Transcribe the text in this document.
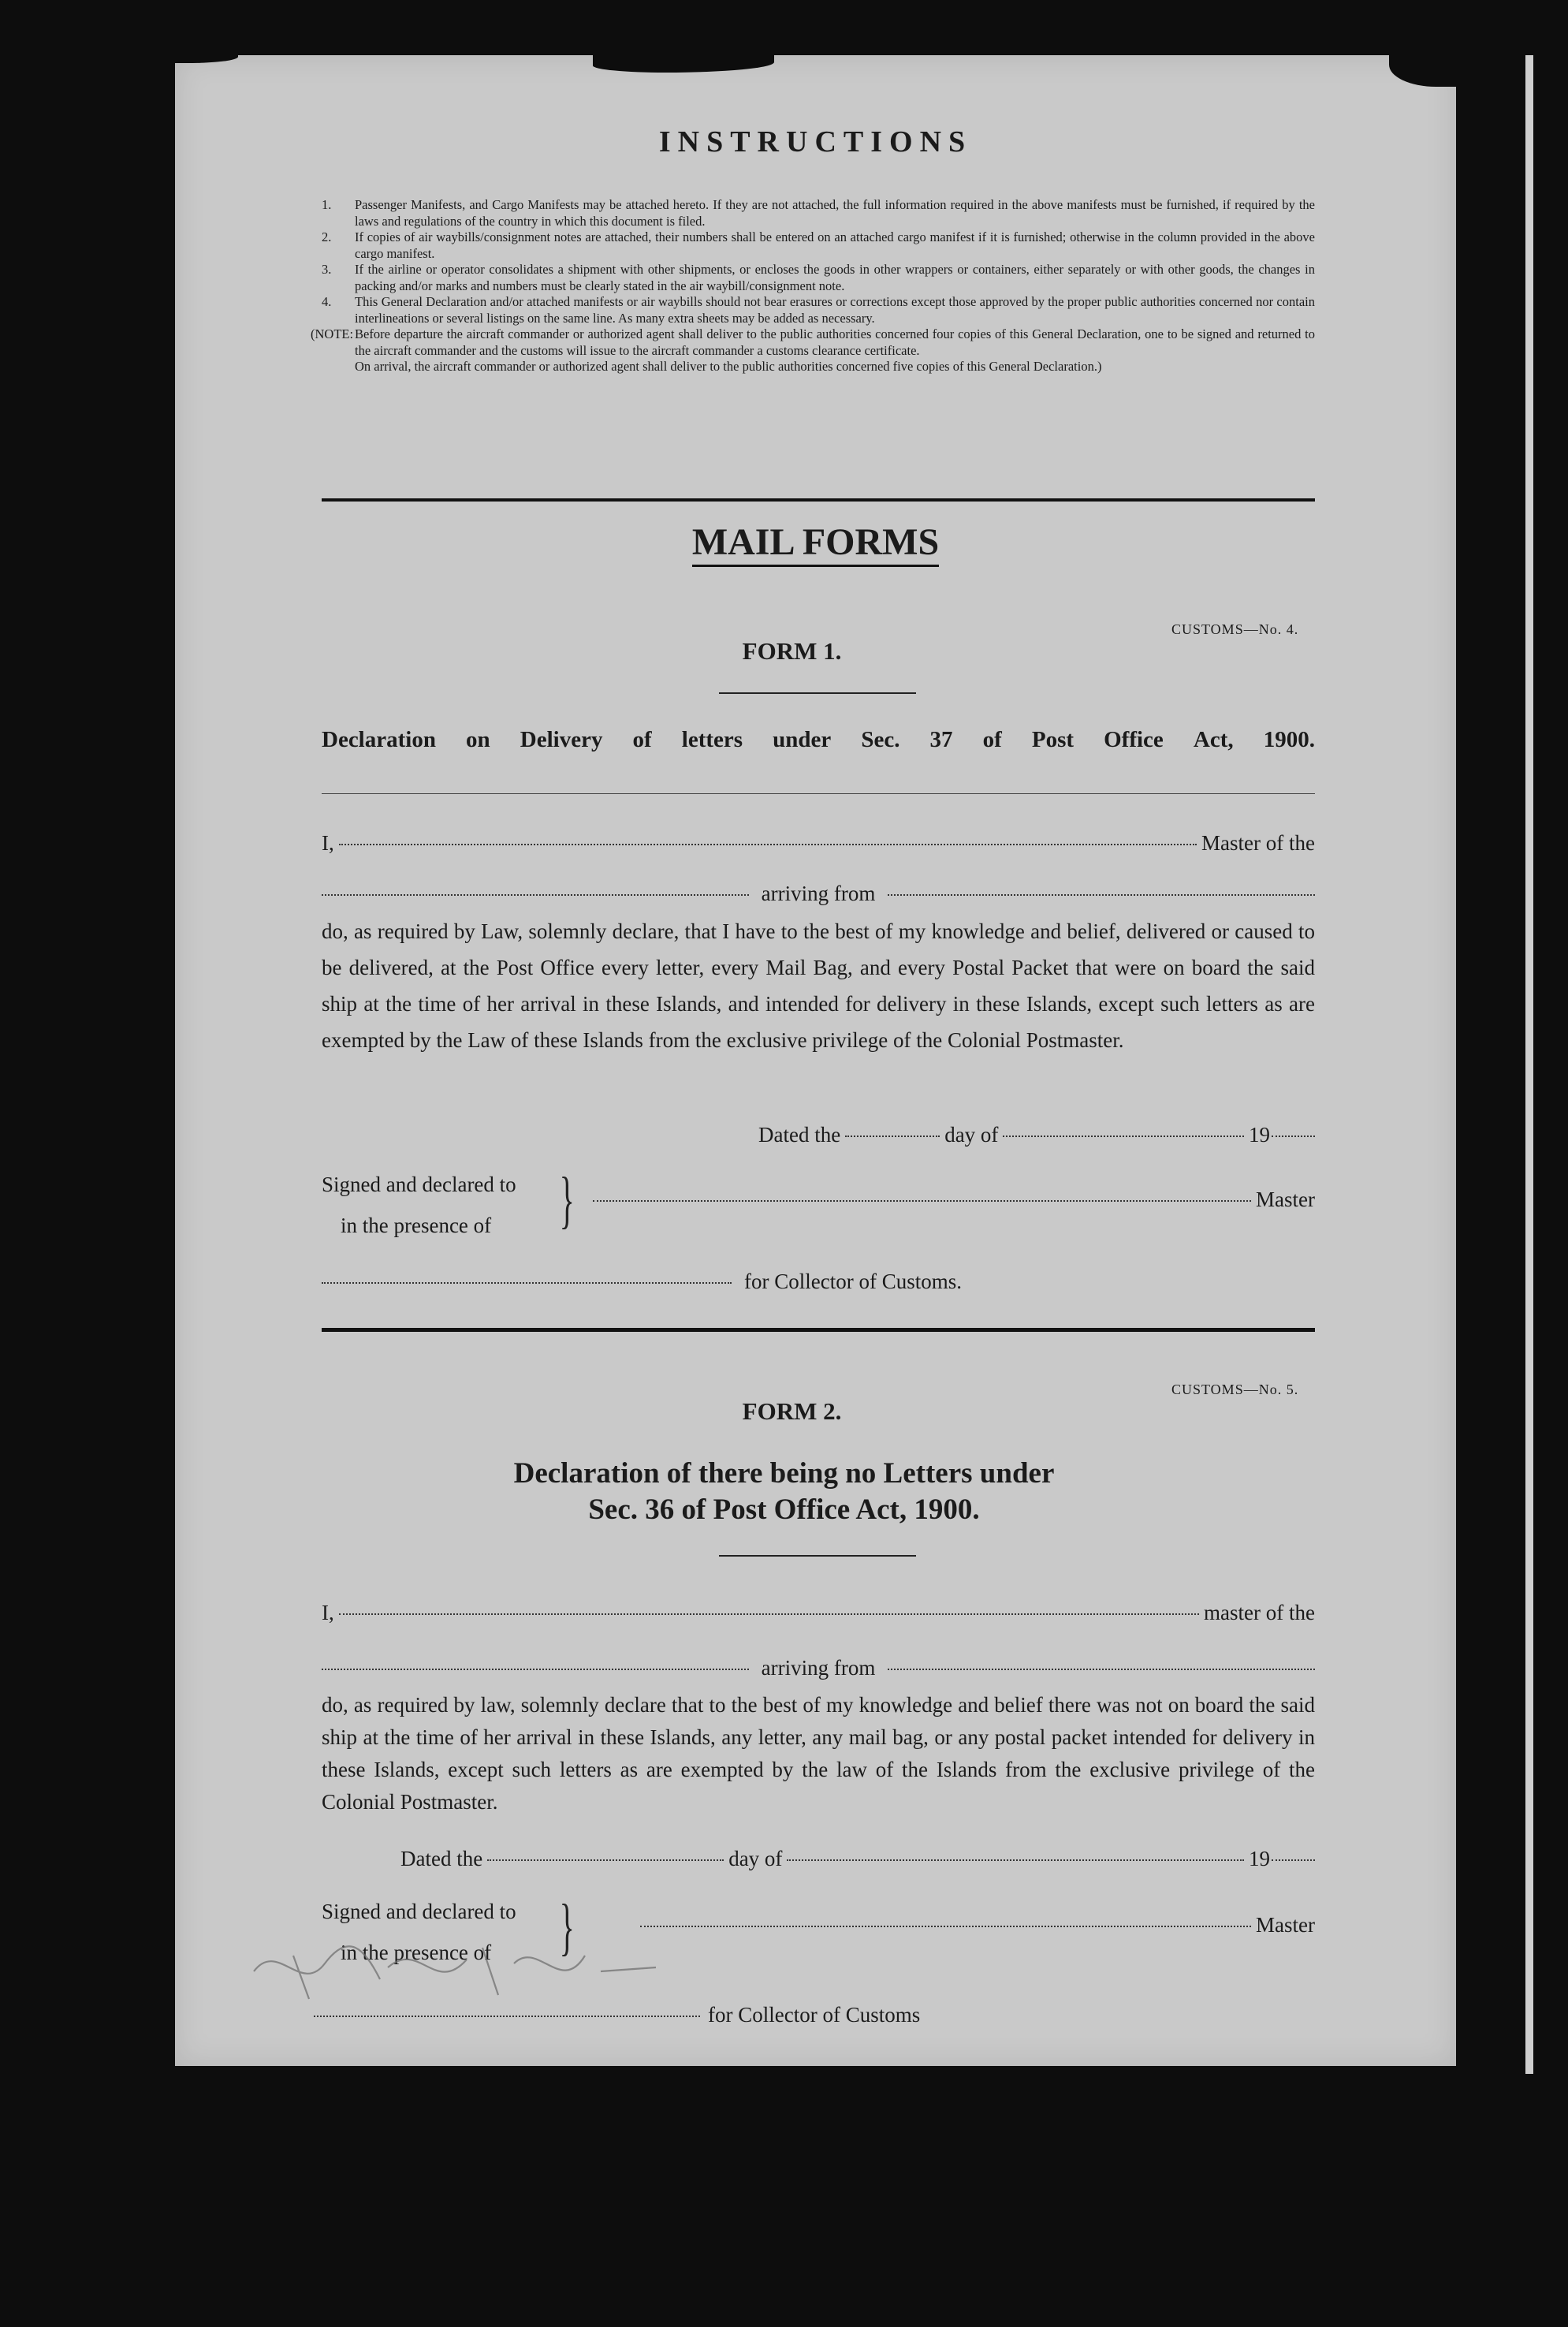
INSTRUCTIONS
1.	Passenger Manifests, and Cargo Manifests may be attached hereto. If they are not attached, the full information required in the above manifests must be furnished, if required by the laws and regulations of the country in which this document is filed.
2.	If copies of air waybills/consignment notes are attached, their numbers shall be entered on an attached cargo manifest if it is furnished; otherwise in the column provided in the above cargo manifest.
3.	If the airline or operator consolidates a shipment with other shipments, or encloses the goods in other wrappers or containers, either separately or with other goods, the changes in packing and/or marks and numbers must be clearly stated in the air waybill/consignment note.
4.	This General Declaration and/or attached manifests or air waybills should not bear erasures or corrections except those approved by the proper public authorities concerned nor contain interlineations or several listings on the same line. As many extra sheets may be added as necessary.
(NOTE: Before departure the aircraft commander or authorized agent shall deliver to the public authorities concerned four copies of this General Declaration, one to be signed and returned to the aircraft commander and the customs will issue to the aircraft commander a customs clearance certificate.
On arrival, the aircraft commander or authorized agent shall deliver to the public authorities concerned five copies of this General Declaration.)
MAIL FORMS
CUSTOMS—No. 4.
FORM 1.
Declaration on Delivery of letters under Sec. 37 of Post Office Act, 1900.
I,	Master of the
arriving from
do, as required by Law, solemnly declare, that I have to the best of my knowledge and belief, delivered or caused to be delivered, at the Post Office every letter, every Mail Bag, and every Postal Packet that were on board the said ship at the time of her arrival in these Islands, and intended for delivery in these Islands, except such letters as are exempted by the Law of these Islands from the exclusive privilege of the Colonial Postmaster.
Dated the	day of	19
Signed and declared to
in the presence of	}	Master
for Collector of Customs.
CUSTOMS—No. 5.
FORM 2.
Declaration of there being no Letters under
Sec. 36 of Post Office Act, 1900.
I,	master of the
arriving from
do, as required by law, solemnly declare that to the best of my knowledge and belief there was not on board the said ship at the time of her arrival in these Islands, any letter, any mail bag, or any postal packet intended for delivery in these Islands, except such letters as are exempted by the law of the Islands from the exclusive privilege of the Colonial Postmaster.
Dated the	day of	19
Signed and declared to
in the presence of	}	Master
for Collector of Customs
